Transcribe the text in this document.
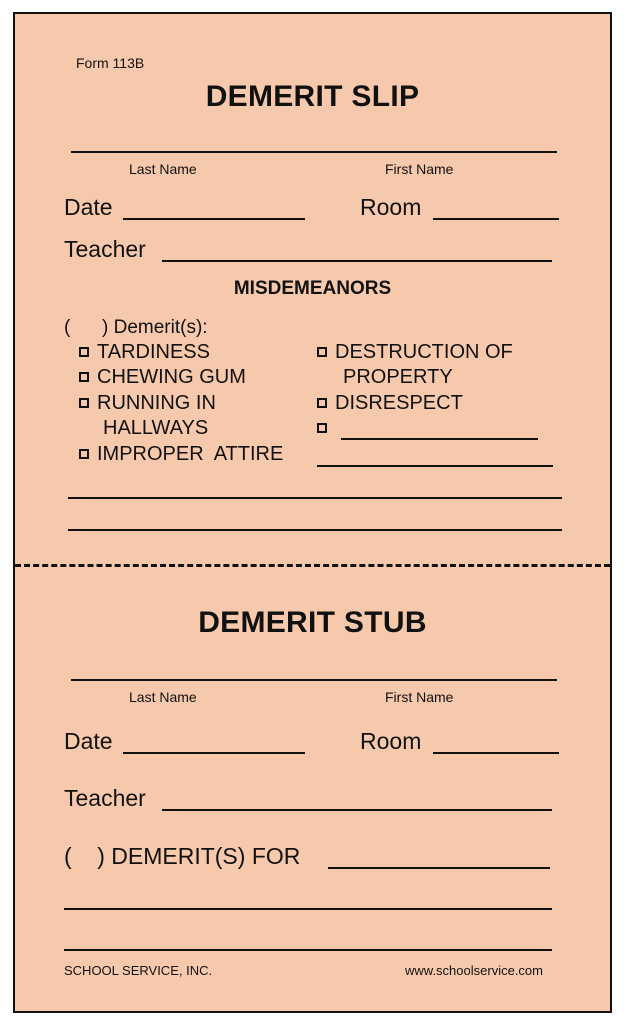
Form 113B
DEMERIT SLIP
Last Name	First Name
Date	Room
Teacher
MISDEMEANORS
(      ) Demerit(s):
TARDINESS
CHEWING GUM
RUNNING IN
HALLWAYS
IMPROPER  ATTIRE
DESTRUCTION OF
PROPERTY
DISRESPECT
DEMERIT STUB
Last Name	First Name
Date	Room
Teacher
(    ) DEMERIT(S) FOR
SCHOOL SERVICE, INC.	www.schoolservice.com
